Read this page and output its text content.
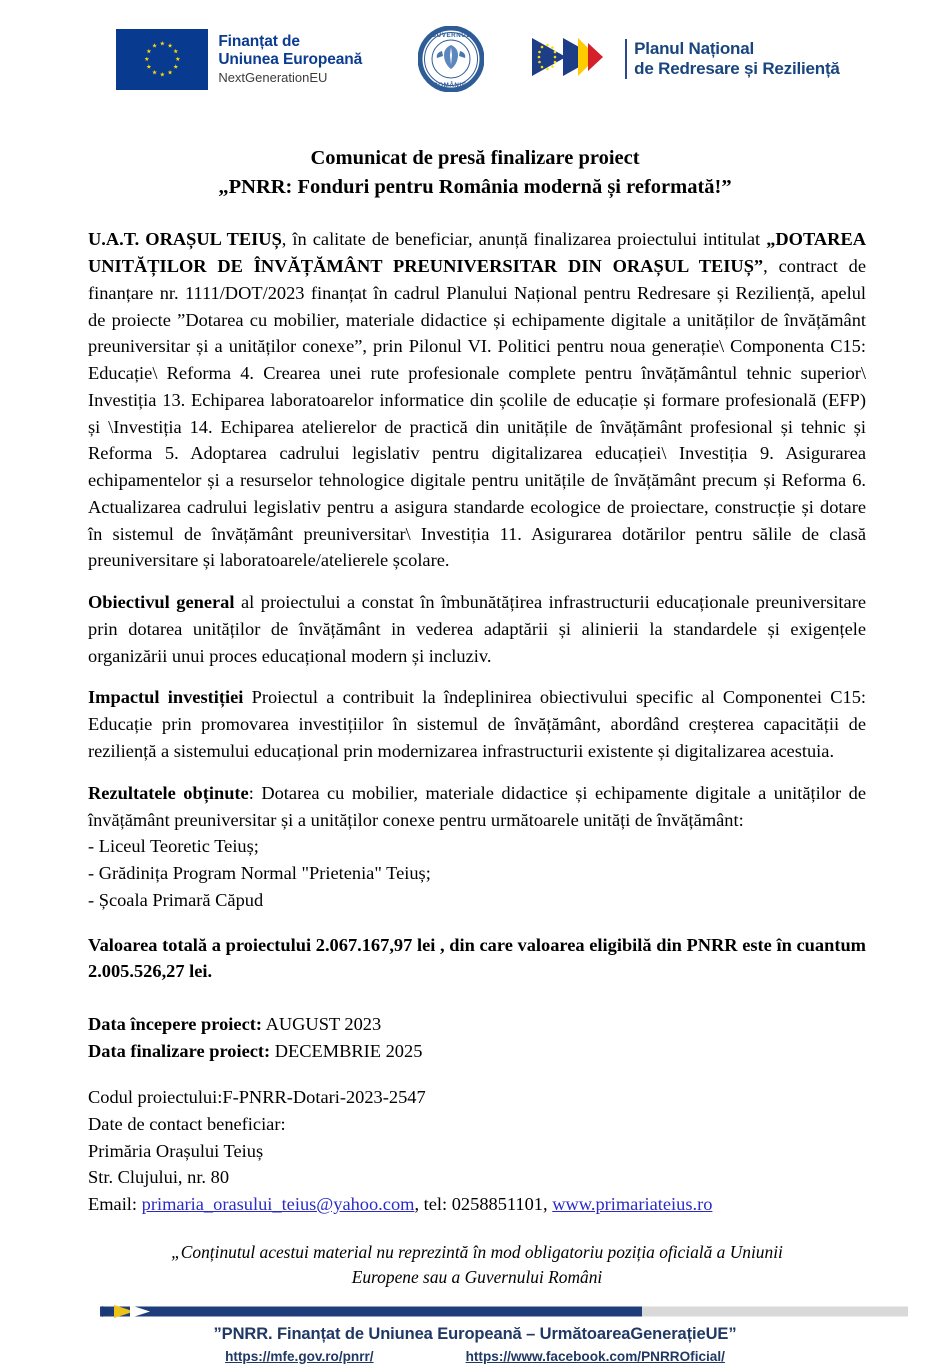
Finanțat de
Uniunea Europeană
NextGenerationEU
GUVERNUL
ROMÂNIEI
Planul Național
de Redresare și Reziliență
Comunicat de presă finalizare proiect
„PNRR: Fonduri pentru România modernă și reformată!”

U.A.T. ORAȘUL TEIUȘ, în calitate de beneficiar, anunță finalizarea proiectului intitulat „DOTAREA UNITĂȚILOR DE ÎNVĂȚĂMÂNT PREUNIVERSITAR DIN ORAȘUL TEIUȘ”, contract de finanțare nr. 1111/DOT/2023 finanțat în cadrul Planului Național pentru Redresare și Reziliență, apelul de proiecte ”Dotarea cu mobilier, materiale didactice și echipamente digitale a unităților de învățământ preuniversitar și a unităților conexe”, prin Pilonul VI. Politici pentru noua generație\ Componenta C15: Educație\ Reforma 4. Crearea unei rute profesionale complete pentru învățământul tehnic superior\ Investiția 13. Echiparea laboratoarelor informatice din școlile de educație și formare profesională (EFP) și \Investiția 14. Echiparea atelierelor de practică din unitățile de învățământ profesional și tehnic și Reforma 5. Adoptarea cadrului legislativ pentru digitalizarea educației\ Investiția 9. Asigurarea echipamentelor și a resurselor tehnologice digitale pentru unitățile de învățământ precum și Reforma 6. Actualizarea cadrului legislativ pentru a asigura standarde ecologice de proiectare, construcție și dotare în sistemul de învățământ preuniversitar\ Investiția 11. Asigurarea dotărilor pentru sălile de clasă preuniversitare și laboratoarele/atelierele școlare.

Obiectivul general al proiectului a constat în îmbunătățirea infrastructurii educaționale preuniversitare prin dotarea unităților de învățământ in vederea adaptării și alinierii la standardele și exigențele organizării unui proces educațional modern și incluziv.

Impactul investiției Proiectul a contribuit la îndeplinirea obiectivului specific al Componentei C15: Educație prin promovarea investițiilor în sistemul de învățământ, abordând creșterea capacității de reziliență a sistemului educațional prin modernizarea infrastructurii existente și digitalizarea acestuia.

Rezultatele obținute: Dotarea cu mobilier, materiale didactice și echipamente digitale a unităților de învățământ preuniversitar și a unităților conexe pentru următoarele unități de învățământ:

- Liceul Teoretic Teiuș;
- Grădinița Program Normal "Prietenia" Teiuș;
- Școala Primară Căpud

Valoarea totală a proiectului 2.067.167,97 lei , din care valoarea eligibilă din PNRR este în cuantum 2.005.526,27 lei.

Data începere proiect: AUGUST 2023
Data finalizare proiect: DECEMBRIE 2025
Codul proiectului:F-PNRR-Dotari-2023-2547
Date de contact beneficiar:
Primăria Orașului Teiuș
Str. Clujului, nr. 80
Email: primaria_orasului_teius@yahoo.com, tel: 0258851101, www.primariateius.ro
„Conținutul acestui material nu reprezintă în mod obligatoriu poziția oficială a Uniunii
Europene sau a Guvernului Români
”PNRR. Finanțat de Uniunea Europeană – UrmătoareaGenerațieUE”
https://mfe.gov.ro/pnrr/	https://www.facebook.com/PNRROficial/
